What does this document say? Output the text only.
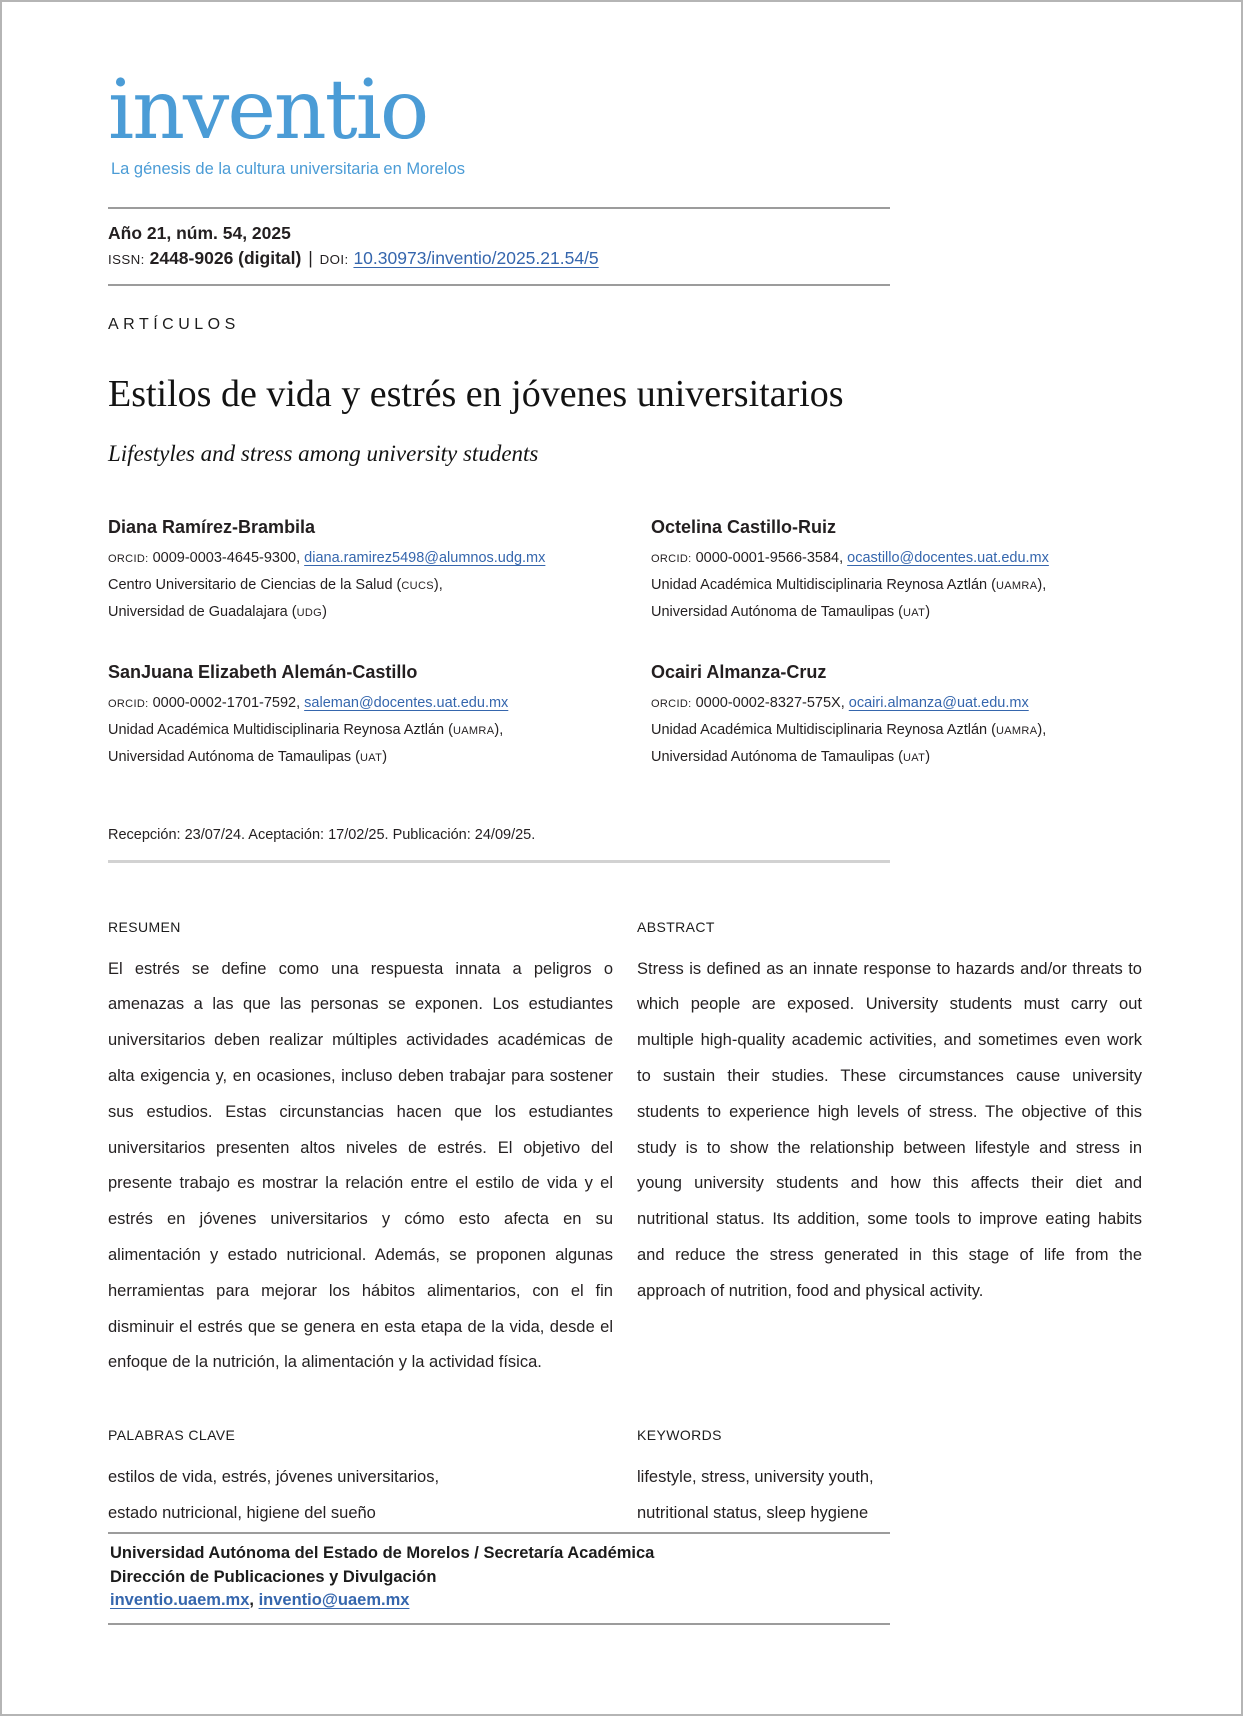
inventio
La génesis de la cultura universitaria en Morelos
Año 21, núm. 54, 2025
ISSN: 2448-9026 (digital) | DOI: 10.30973/inventio/2025.21.54/5
ARTÍCULOS
Estilos de vida y estrés en jóvenes universitarios
Lifestyles and stress among university students
Diana Ramírez-Brambila
ORCID: 0009-0003-4645-9300, diana.ramirez5498@alumnos.udg.mx
Centro Universitario de Ciencias de la Salud (CUCS),
Universidad de Guadalajara (UDG)
Octelina Castillo-Ruiz
ORCID: 0000-0001-9566-3584, ocastillo@docentes.uat.edu.mx
Unidad Académica Multidisciplinaria Reynosa Aztlán (UAMRA),
Universidad Autónoma de Tamaulipas (UAT)
SanJuana Elizabeth Alemán-Castillo
ORCID: 0000-0002-1701-7592, saleman@docentes.uat.edu.mx
Unidad Académica Multidisciplinaria Reynosa Aztlán (UAMRA),
Universidad Autónoma de Tamaulipas (UAT)
Ocairi Almanza-Cruz
ORCID: 0000-0002-8327-575X, ocairi.almanza@uat.edu.mx
Unidad Académica Multidisciplinaria Reynosa Aztlán (UAMRA),
Universidad Autónoma de Tamaulipas (UAT)
Recepción: 23/07/24. Aceptación: 17/02/25. Publicación: 24/09/25.
RESUMEN

El estrés se define como una respuesta innata a peligros o amenazas a las que las personas se exponen. Los estudiantes universitarios deben realizar múltiples actividades académicas de alta exigencia y, en ocasiones, incluso deben trabajar para sostener sus estudios. Estas circunstancias hacen que los estudiantes universitarios presenten altos niveles de estrés. El objetivo del presente trabajo es mostrar la relación entre el estilo de vida y el estrés en jóvenes universitarios y cómo esto afecta en su alimentación y estado nutricional. Además, se proponen algunas herramientas para mejorar los hábitos alimentarios, con el fin disminuir el estrés que se genera en esta etapa de la vida, desde el enfoque de la nutrición, la alimentación y la actividad física.

ABSTRACT

Stress is defined as an innate response to hazards and/or threats to which people are exposed. University students must carry out multiple high-quality academic activities, and sometimes even work to sustain their studies. These circumstances cause university students to experience high levels of stress. The objective of this study is to show the relationship between lifestyle and stress in young university students and how this affects their diet and nutritional status. Its addition, some tools to improve eating habits and reduce the stress generated in this stage of life from the approach of nutrition, food and physical activity.

PALABRAS CLAVE
estilos de vida, estrés, jóvenes universitarios,
estado nutricional, higiene del sueño
KEYWORDS
lifestyle, stress, university youth,
nutritional status, sleep hygiene
Universidad Autónoma del Estado de Morelos / Secretaría Académica
Dirección de Publicaciones y Divulgación
inventio.uaem.mx, inventio@uaem.mx
